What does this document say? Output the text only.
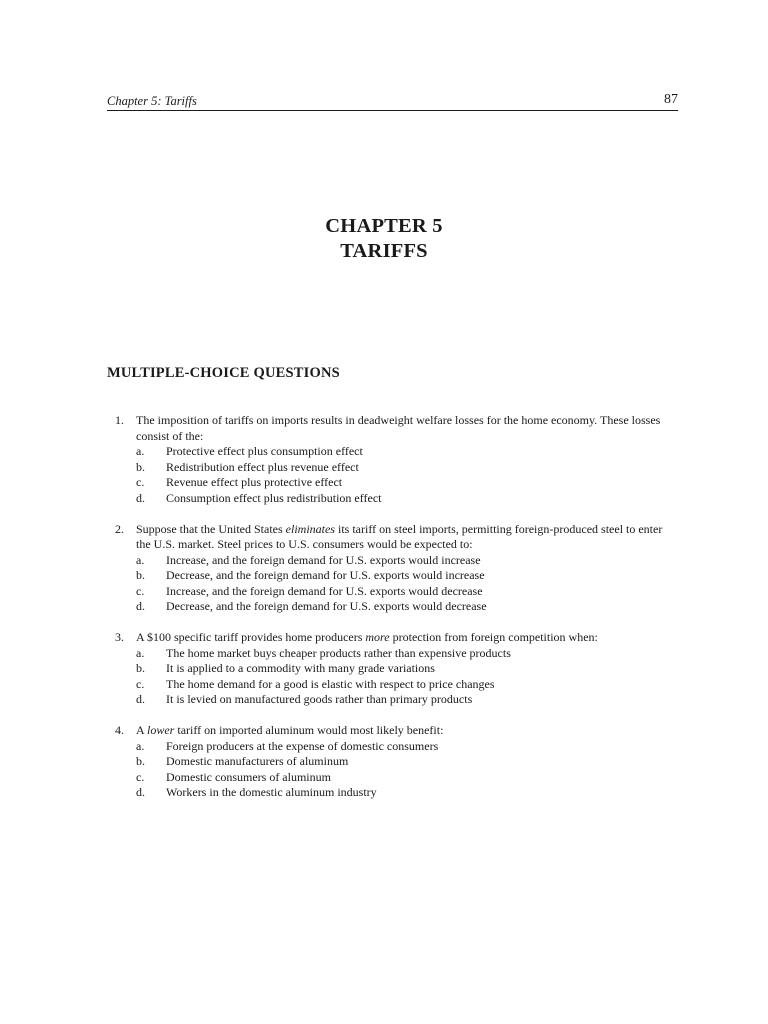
Chapter 5: Tariffs	87
CHAPTER 5
TARIFFS
MULTIPLE-CHOICE QUESTIONS
1.	The imposition of tariffs on imports results in deadweight welfare losses for the home economy. These losses consist of the:
a.	Protective effect plus consumption effect
b.	Redistribution effect plus revenue effect
c.	Revenue effect plus protective effect
d.	Consumption effect plus redistribution effect
2.	Suppose that the United States eliminates its tariff on steel imports, permitting foreign-produced steel to enter the U.S. market. Steel prices to U.S. consumers would be expected to:
a.	Increase, and the foreign demand for U.S. exports would increase
b.	Decrease, and the foreign demand for U.S. exports would increase
c.	Increase, and the foreign demand for U.S. exports would decrease
d.	Decrease, and the foreign demand for U.S. exports would decrease
3.	A $100 specific tariff provides home producers more protection from foreign competition when:
a.	The home market buys cheaper products rather than expensive products
b.	It is applied to a commodity with many grade variations
c.	The home demand for a good is elastic with respect to price changes
d.	It is levied on manufactured goods rather than primary products
4.	A lower tariff on imported aluminum would most likely benefit:
a.	Foreign producers at the expense of domestic consumers
b.	Domestic manufacturers of aluminum
c.	Domestic consumers of aluminum
d.	Workers in the domestic aluminum industry
